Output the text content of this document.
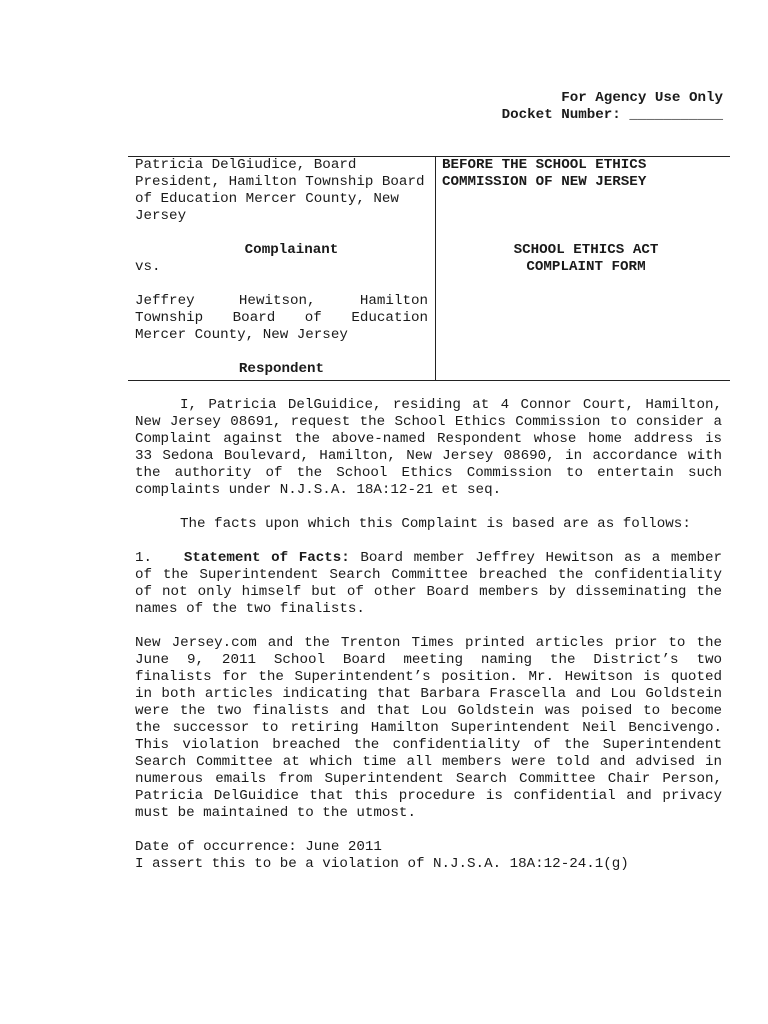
For Agency Use Only
Docket Number: ___________
Patricia DelGiudice, Board President, Hamilton Township Board of Education Mercer County, New Jersey
Complainant
vs.
Jeffrey Hewitson, Hamilton
Township Board of Education
Mercer County, New Jersey
Respondent
BEFORE THE SCHOOL ETHICS COMMISSION OF NEW JERSEY
SCHOOL ETHICS ACT
COMPLAINT FORM

I, Patricia DelGuidice, residing at 4 Connor Court, Hamilton, New Jersey 08691, request the School Ethics Commission to consider a Complaint against the above-named Respondent whose home address is 33 Sedona Boulevard, Hamilton, New Jersey 08690, in accordance with the authority of the School Ethics Commission to entertain such complaints under N.J.S.A. 18A:12-21 et seq.

The facts upon which this Complaint is based are as follows:

1. Statement of Facts: Board member Jeffrey Hewitson as a member of the Superintendent Search Committee breached the confidentiality of not only himself but of other Board members by disseminating the names of the two finalists.

New Jersey.com and the Trenton Times printed articles prior to the June 9, 2011 School Board meeting naming the District’s two finalists for the Superintendent’s position. Mr. Hewitson is quoted in both articles indicating that Barbara Frascella and Lou Goldstein were the two finalists and that Lou Goldstein was poised to become the successor to retiring Hamilton Superintendent Neil Bencivengo. This violation breached the confidentiality of the Superintendent Search Committee at which time all members were told and advised in numerous emails from Superintendent Search Committee Chair Person, Patricia DelGuidice that this procedure is confidential and privacy must be maintained to the utmost.

Date of occurrence: June 2011

I assert this to be a violation of N.J.S.A. 18A:12-24.1(g)
